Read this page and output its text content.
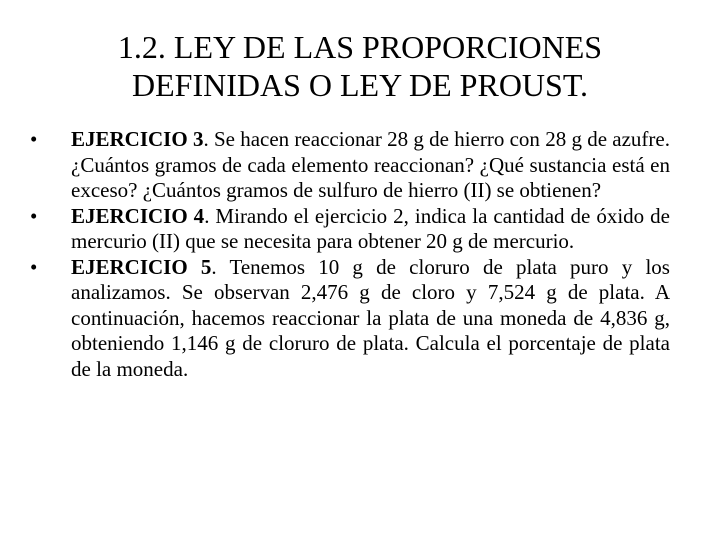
1.2. LEY DE LAS PROPORCIONES
DEFINIDAS O LEY DE PROUST.
•	EJERCICIO 3. Se hacen reaccionar 28 g de hierro con 28 g de azufre. ¿Cuántos gramos de cada elemento reaccionan? ¿Qué sustancia está en exceso? ¿Cuántos gramos de sulfuro de hierro (II) se obtienen?
•	EJERCICIO 4. Mirando el ejercicio 2, indica la cantidad de óxido de mercurio (II) que se necesita para obtener 20 g de mercurio.
•	EJERCICIO 5. Tenemos 10 g de cloruro de plata puro y los analizamos. Se observan 2,476 g de cloro y 7,524 g de plata. A continuación, hacemos reaccionar la plata de una moneda de 4,836 g, obteniendo 1,146 g de cloruro de plata. Calcula el porcentaje de plata de la moneda.
